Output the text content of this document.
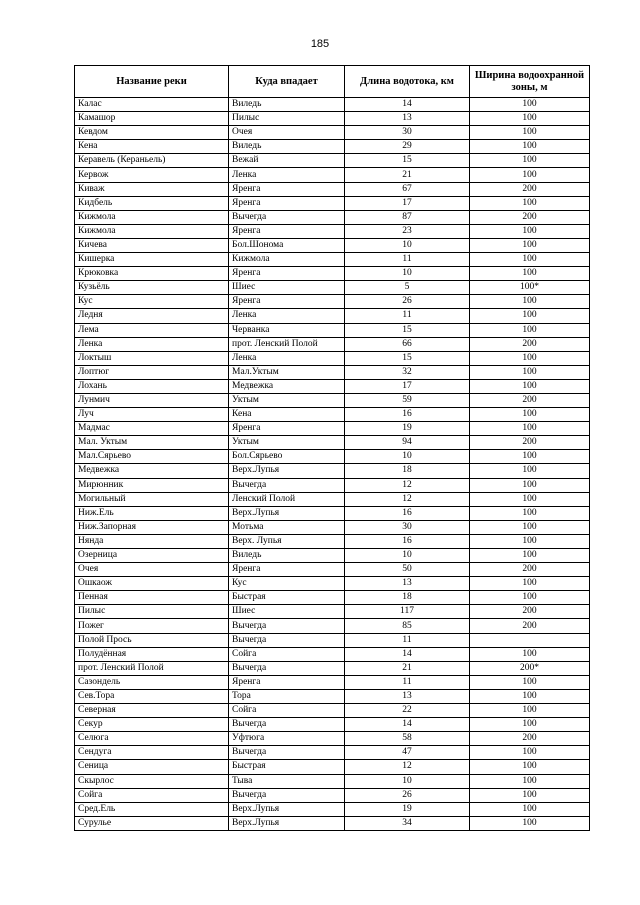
185
Название реки	Куда впадает	Длина водотока, км	Ширина водоохранной зоны, м
Калас	Виледь	14	100
Камашор	Пилыс	13	100
Кевдом	Очея	30	100
Кена	Виледь	29	100
Керавель (Кераньель)	Вежай	15	100
Кервож	Ленка	21	100
Киваж	Яренга	67	200
Кидбель	Яренга	17	100
Кижмола	Вычегда	87	200
Кижмола	Яренга	23	100
Кичева	Бол.Шонома	10	100
Кишерка	Кижмола	11	100
Крюковка	Яренга	10	100
Кузьёль	Шиес	5	100*
Кус	Яренга	26	100
Ледня	Ленка	11	100
Лема	Черванка	15	100
Ленка	прот. Ленский Полой	66	200
Локтыш	Ленка	15	100
Лоптюг	Мал.Уктым	32	100
Лохань	Медвежка	17	100
Лунмич	Уктым	59	200
Луч	Кена	16	100
Мадмас	Яренга	19	100
Мал. Уктым	Уктым	94	200
Мал.Сярьево	Бол.Сярьево	10	100
Медвежка	Верх.Лупья	18	100
Мирюнник	Вычегда	12	100
Могильный	Ленский Полой	12	100
Ниж.Ель	Верх.Лупья	16	100
Ниж.Запорная	Мотьма	30	100
Нянда	Верх. Лупья	16	100
Озерница	Виледь	10	100
Очея	Яренга	50	200
Ошкаож	Кус	13	100
Пенная	Быстрая	18	100
Пилыс	Шиес	117	200
Пожег	Вычегда	85	200
Полой Прось	Вычегда	11	
Полудённая	Сойга	14	100
прот. Ленский Полой	Вычегда	21	200*
Сазондель	Яренга	11	100
Сев.Тора	Тора	13	100
Северная	Сойга	22	100
Секур	Вычегда	14	100
Селюга	Уфтюга	58	200
Сендуга	Вычегда	47	100
Сеница	Быстрая	12	100
Скырлос	Тыва	10	100
Сойга	Вычегда	26	100
Сред.Ель	Верх.Лупья	19	100
Сурулье	Верх.Лупья	34	100
